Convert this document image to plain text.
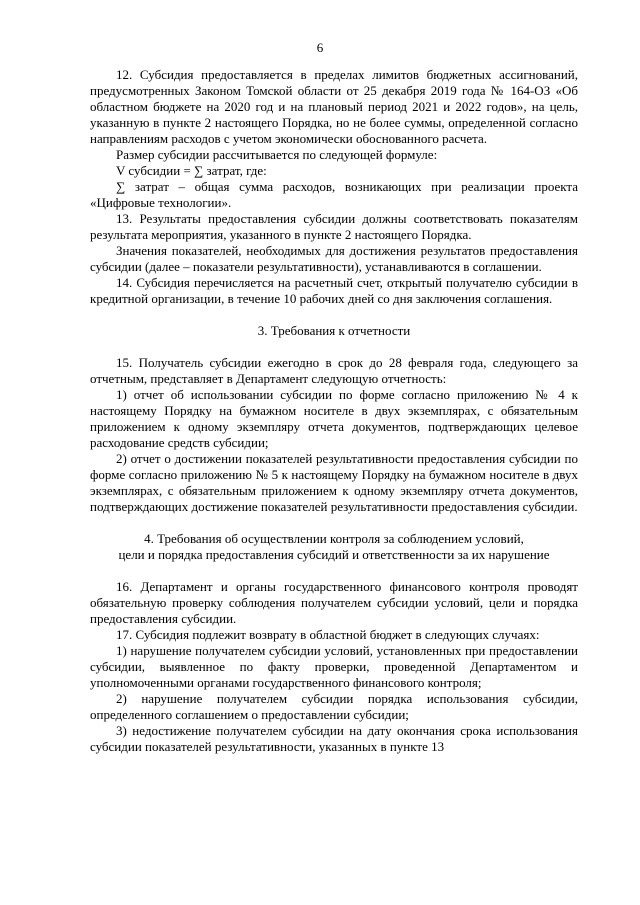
6

12. Субсидия предоставляется в пределах лимитов бюджетных ассигнований, предусмотренных Законом Томской области от 25 декабря 2019 года № 164-ОЗ «Об областном бюджете на 2020 год и на плановый период 2021 и 2022 годов», на цель, указанную в пункте 2 настоящего Порядка, но не более суммы, определенной согласно направлениям расходов с учетом экономически обоснованного расчета.

Размер субсидии рассчитывается по следующей формуле:

V субсидии = ∑ затрат, где:

∑ затрат – общая сумма расходов, возникающих при реализации проекта «Цифровые технологии».

13. Результаты предоставления субсидии должны соответствовать показателям результата мероприятия, указанного в пункте 2 настоящего Порядка.

Значения показателей, необходимых для достижения результатов предоставления субсидии (далее – показатели результативности), устанавливаются в соглашении.

14. Субсидия перечисляется на расчетный счет, открытый получателю субсидии в кредитной организации, в течение 10 рабочих дней со дня заключения соглашения.

3. Требования к отчетности

15. Получатель субсидии ежегодно в срок до 28 февраля года, следующего за отчетным, представляет в Департамент следующую отчетность:

1) отчет об использовании субсидии по форме согласно приложению № 4 к настоящему Порядку на бумажном носителе в двух экземплярах, с обязательным приложением к одному экземпляру отчета документов, подтверждающих целевое расходование средств субсидии;

2) отчет о достижении показателей результативности предоставления субсидии по форме согласно приложению № 5 к настоящему Порядку на бумажном носителе в двух экземплярах, с обязательным приложением к одному экземпляру отчета документов, подтверждающих достижение показателей результативности предоставления субсидии.

4. Требования об осуществлении контроля за соблюдением условий,

цели и порядка предоставления субсидий и ответственности за их нарушение

16. Департамент и органы государственного финансового контроля проводят обязательную проверку соблюдения получателем субсидии условий, цели и порядка предоставления субсидии.

17. Субсидия подлежит возврату в областной бюджет в следующих случаях:

1) нарушение получателем субсидии условий, установленных при предоставлении субсидии, выявленное по факту проверки, проведенной Департаментом и уполномоченными органами государственного финансового контроля;

2) нарушение получателем субсидии порядка использования субсидии, определенного соглашением о предоставлении субсидии;

3) недостижение получателем субсидии на дату окончания срока использования субсидии показателей результативности, указанных в пункте 13
